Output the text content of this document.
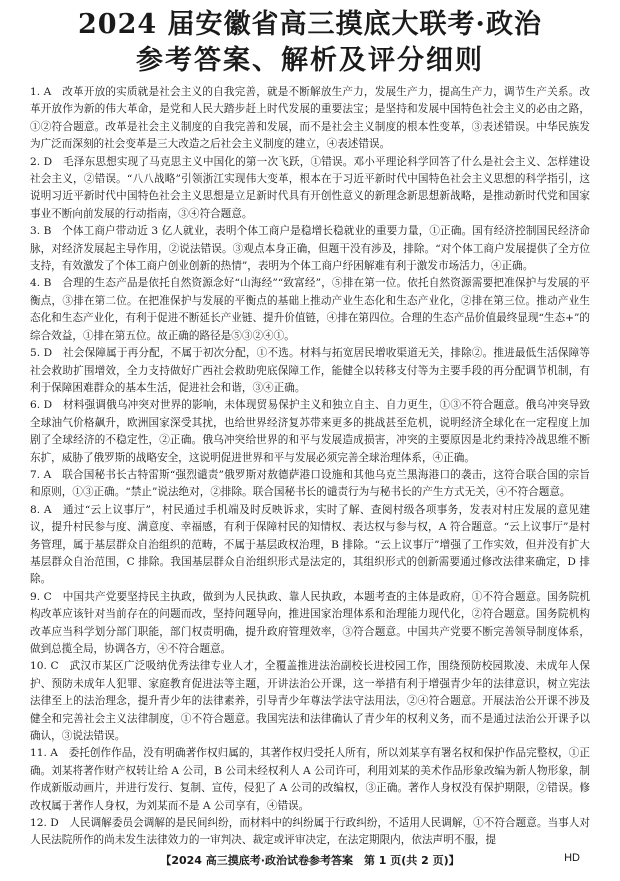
2024 届安徽省高三摸底大联考·政治
参考答案、解析及评分细则

1. A　改革开放的实质就是社会主义的自我完善，就是不断解放生产力，发展生产力，提高生产力，调节生产关系。改革开放作为新的伟大革命，是党和人民大踏步赶上时代发展的重要法宝；是坚持和发展中国特色社会主义的必由之路，①②符合题意。改革是社会主义制度的自我完善和发展，而不是社会主义制度的根本性变革，③表述错误。中华民族发为广泛而深刻的社会变革是三大改造之后社会主义制度的建立，④表述错误。

2. D　毛泽东思想实现了马克思主义中国化的第一次飞跃，①错误。邓小平理论科学回答了什么是社会主义、怎样建设社会主义，②错误。“八八战略”引领浙江实现伟大变革，根本在于习近平新时代中国特色社会主义思想的科学指引，这说明习近平新时代中国特色社会主义思想是立足新时代具有开创性意义的新理念新思想新战略，是推动新时代党和国家事业不断向前发展的行动指南，③④符合题意。

3. B　个体工商户带动近 3 亿人就业，表明个体工商户是稳增长稳就业的重要力量，①正确。国有经济控制国民经济命脉，对经济发展起主导作用，②说法错误。③观点本身正确，但题干没有涉及，排除。“对个体工商户发展提供了全方位支持，有效激发了个体工商户创业创新的热情”，表明为个体工商户纾困解难有利于激发市场活力，④正确。

4. B　合理的生态产品是依托自然资源念好“山海经”“致富经”，⑤排在第一位。依托自然资源需要把准保护与发展的平衡点，③排在第二位。在把准保护与发展的平衡点的基础上推动产业生态化和生态产业化，②排在第三位。推动产业生态化和生态产业化，有利于促进不断延长产业链、提升价值链，④排在第四位。合理的生态产品价值最终显现“生态+”的综合效益，①排在第五位。故正确的路径是⑤③②④①。

5. D　社会保障属于再分配，不属于初次分配，①不选。材料与拓宽居民增收渠道无关，排除②。推进最低生活保障等社会救助扩围增效，全力支持做好广西社会救助兜底保障工作，能健全以转移支付等为主要手段的再分配调节机制，有利于保障困难群众的基本生活，促进社会和谐，③④正确。

6. D　材料强调俄乌冲突对世界的影响，未体现贸易保护主义和独立自主、自力更生，①③不符合题意。俄乌冲突导致全球油气价格飙升，欧洲国家深受其扰，也给世界经济复苏带来更多的挑战甚至危机，说明经济全球化在一定程度上加剧了全球经济的不稳定性，②正确。俄乌冲突给世界的和平与发展造成损害，冲突的主要原因是北约秉持冷战思维不断东扩，威胁了俄罗斯的战略安全，这说明促进世界和平与发展必须完善全球治理体系，④正确。

7. A　联合国秘书长古特雷斯“强烈谴责”俄罗斯对敖德萨港口设施和其他乌克兰黑海港口的袭击，这符合联合国的宗旨和原则，①③正确。“禁止”说法绝对，②排除。联合国秘书长的谴责行为与秘书长的产生方式无关，④不符合题意。

8. A　通过“云上议事厅”，村民通过手机端及时反映诉求，实时了解、查阅村级各项事务，发表对村庄发展的意见建议，提升村民参与度、满意度、幸福感，有利于保障村民的知情权、表达权与参与权，A 符合题意。“云上议事厅”是村务管理，属于基层群众自治组织的范畴，不属于基层政权治理，B 排除。“云上议事厅”增强了工作实效，但并没有扩大基层群众自治范围，C 排除。我国基层群众自治组织形式是法定的，其组织形式的创新需要通过修改法律来确定，D 排除。

9. C　中国共产党要坚持民主执政，做到为人民执政、靠人民执政，本题考查的主体是政府，①不符合题意。国务院机构改革应该针对当前存在的问题而改，坚持问题导向，推进国家治理体系和治理能力现代化，②符合题意。国务院机构改革应当科学划分部门职能，部门权责明确，提升政府管理效率，③符合题意。中国共产党要不断完善领导制度体系，做到总揽全局，协调各方，④不符合题意。

10. C　武汉市某区广泛吸纳优秀法律专业人才，全覆盖推进法治副校长进校园工作，围绕预防校园欺凌、未成年人保护、预防未成年人犯罪、家庭教育促进法等主题，开讲法治公开课，这一举措有利于增强青少年的法律意识，树立宪法法律至上的法治理念，提升青少年的法律素养，引导青少年尊法学法守法用法，②④符合题意。开展法治公开课不涉及健全和完善社会主义法律制度，①不符合题意。我国宪法和法律确认了青少年的权利义务，而不是通过法治公开课予以确认，③说法错误。

11. A　委托创作作品，没有明确著作权归属的，其著作权归受托人所有，所以刘某享有署名权和保护作品完整权，①正确。刘某将著作财产权转让给 A 公司，B 公司未经权利人 A 公司许可，利用刘某的美术作品形象改编为新人物形象，制作成新版动画片，并进行发行、复制、宣传，侵犯了 A 公司的改编权，③正确。著作人身权没有保护期限，②错误。修改权属于著作人身权，为刘某而不是 A 公司享有，④错误。

12. D　人民调解委员会调解的是民间纠纷，而材料中的纠纷属于行政纠纷，不适用人民调解，①不符合题意。当事人对人民法院所作的尚未发生法律效力的一审判决、裁定或评审决定，在法定期限内，依法声明不服，提

【2024 高三摸底考·政治试卷参考答案　第 1 页(共 2 页)】	HD
